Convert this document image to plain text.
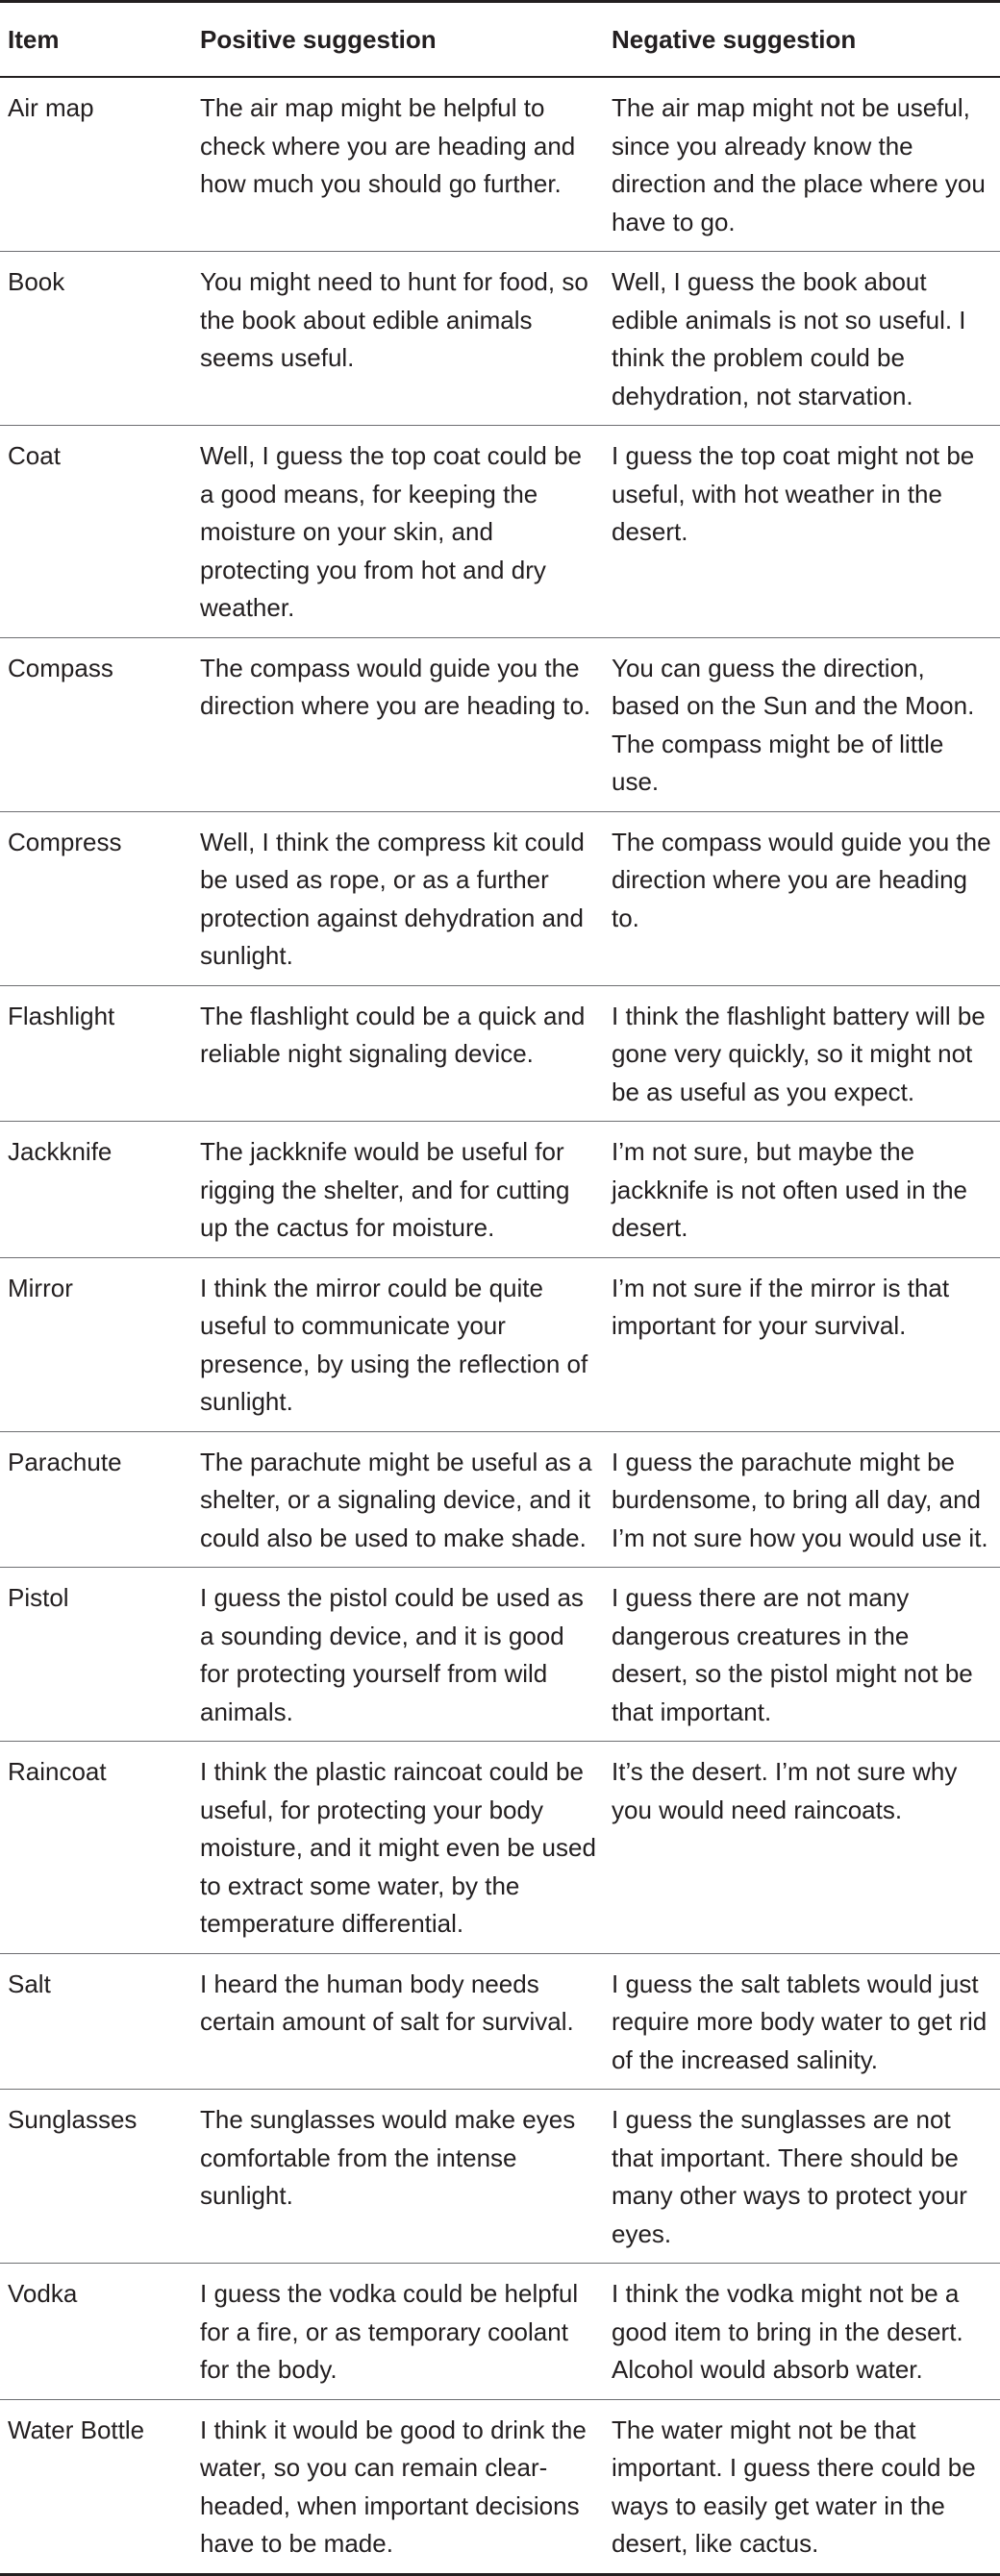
Item	Positive suggestion	Negative suggestion
Air map	The air map might be helpful to check where you are heading and how much you should go further.	The air map might not be useful, since you already know the direction and the place where you have to go.
Book	You might need to hunt for food, so the book about edible animals seems useful.	Well, I guess the book about edible animals is not so useful. I think the problem could be dehydration, not starvation.
Coat	Well, I guess the top coat could be a good means, for keeping the moisture on your skin, and protecting you from hot and dry weather.	I guess the top coat might not be useful, with hot weather in the desert.
Compass	The compass would guide you the direction where you are heading to.	You can guess the direction, based on the Sun and the Moon. The compass might be of little use.
Compress	Well, I think the compress kit could be used as rope, or as a further protection against dehydration and sunlight.	The compass would guide you the direction where you are heading to.
Flashlight	The flashlight could be a quick and reliable night signaling device.	I think the flashlight battery will be gone very quickly, so it might not be as useful as you expect.
Jackknife	The jackknife would be useful for rigging the shelter, and for cutting up the cactus for moisture.	I’m not sure, but maybe the jackknife is not often used in the desert.
Mirror	I think the mirror could be quite useful to communicate your presence, by using the reflection of sunlight.	I’m not sure if the mirror is that important for your survival.
Parachute	The parachute might be useful as a shelter, or a signaling device, and it could also be used to make shade.	I guess the parachute might be burdensome, to bring all day, and I’m not sure how you would use it.
Pistol	I guess the pistol could be used as a sounding device, and it is good for protecting yourself from wild animals.	I guess there are not many dangerous creatures in the desert, so the pistol might not be that important.
Raincoat	I think the plastic raincoat could be useful, for protecting your body moisture, and it might even be used to extract some water, by the temperature differential.	It’s the desert. I’m not sure why you would need raincoats.
Salt	I heard the human body needs certain amount of salt for survival.	I guess the salt tablets would just require more body water to get rid of the increased salinity.
Sunglasses	The sunglasses would make eyes comfortable from the intense sunlight.	I guess the sunglasses are not that important. There should be many other ways to protect your eyes.
Vodka	I guess the vodka could be helpful for a fire, or as temporary coolant for the body.	I think the vodka might not be a good item to bring in the desert. Alcohol would absorb water.
Water Bottle	I think it would be good to drink the water, so you can remain clear-headed, when important decisions have to be made.	The water might not be that important. I guess there could be ways to easily get water in the desert, like cactus.
